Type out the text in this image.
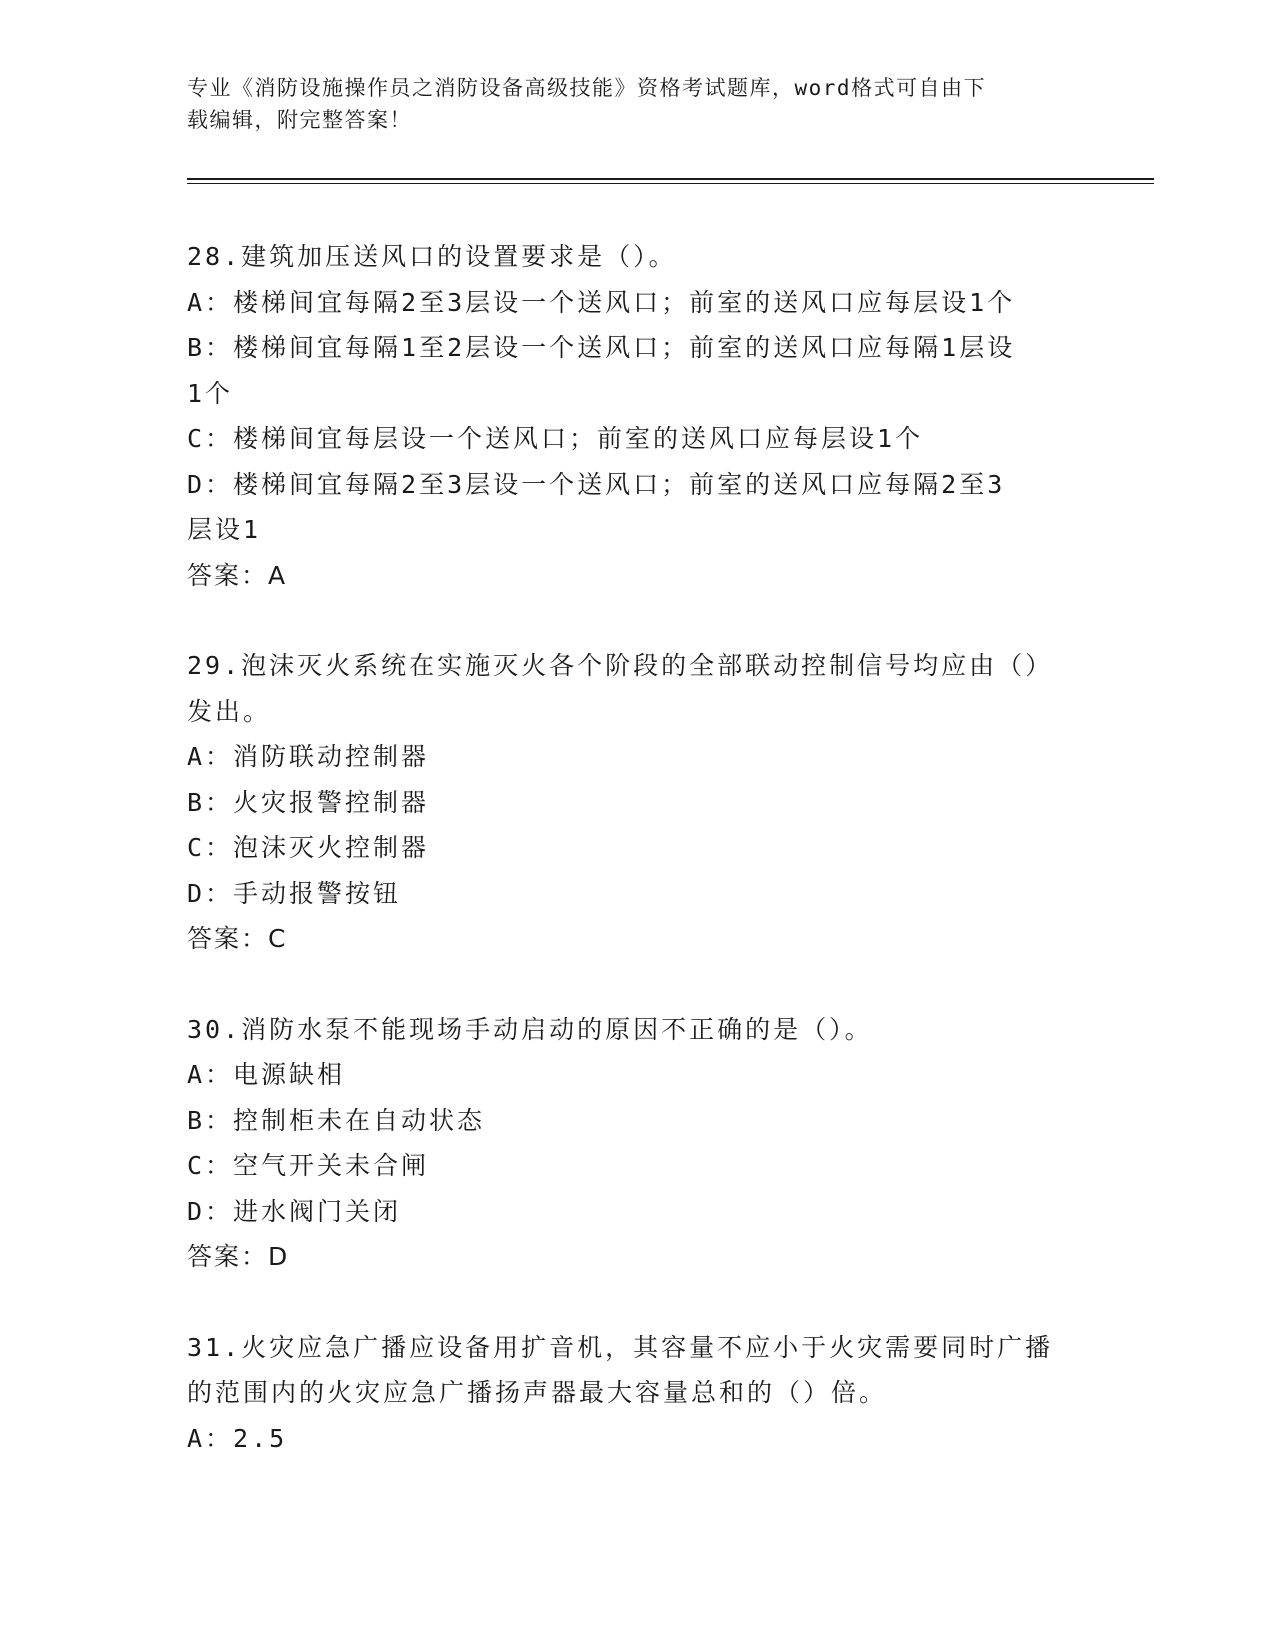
专业《消防设施操作员之消防设备高级技能》资格考试题库，word格式可自由下
载编辑，附完整答案！

28.建筑加压送风口的设置要求是（）。

A：楼梯间宜每隔2至3层设一个送风口；前室的送风口应每层设1个

B：楼梯间宜每隔1至2层设一个送风口；前室的送风口应每隔1层设

1个

C：楼梯间宜每层设一个送风口；前室的送风口应每层设1个

D：楼梯间宜每隔2至3层设一个送风口；前室的送风口应每隔2至3

层设1

答案：A

29.泡沫灭火系统在实施灭火各个阶段的全部联动控制信号均应由（）

发出。

A：消防联动控制器

B：火灾报警控制器

C：泡沫灭火控制器

D：手动报警按钮

答案：C

30.消防水泵不能现场手动启动的原因不正确的是（）。

A：电源缺相

B：控制柜未在自动状态

C：空气开关未合闸

D：进水阀门关闭

答案：D

31.火灾应急广播应设备用扩音机，其容量不应小于火灾需要同时广播

的范围内的火灾应急广播扬声器最大容量总和的（）倍。

A：2.5
